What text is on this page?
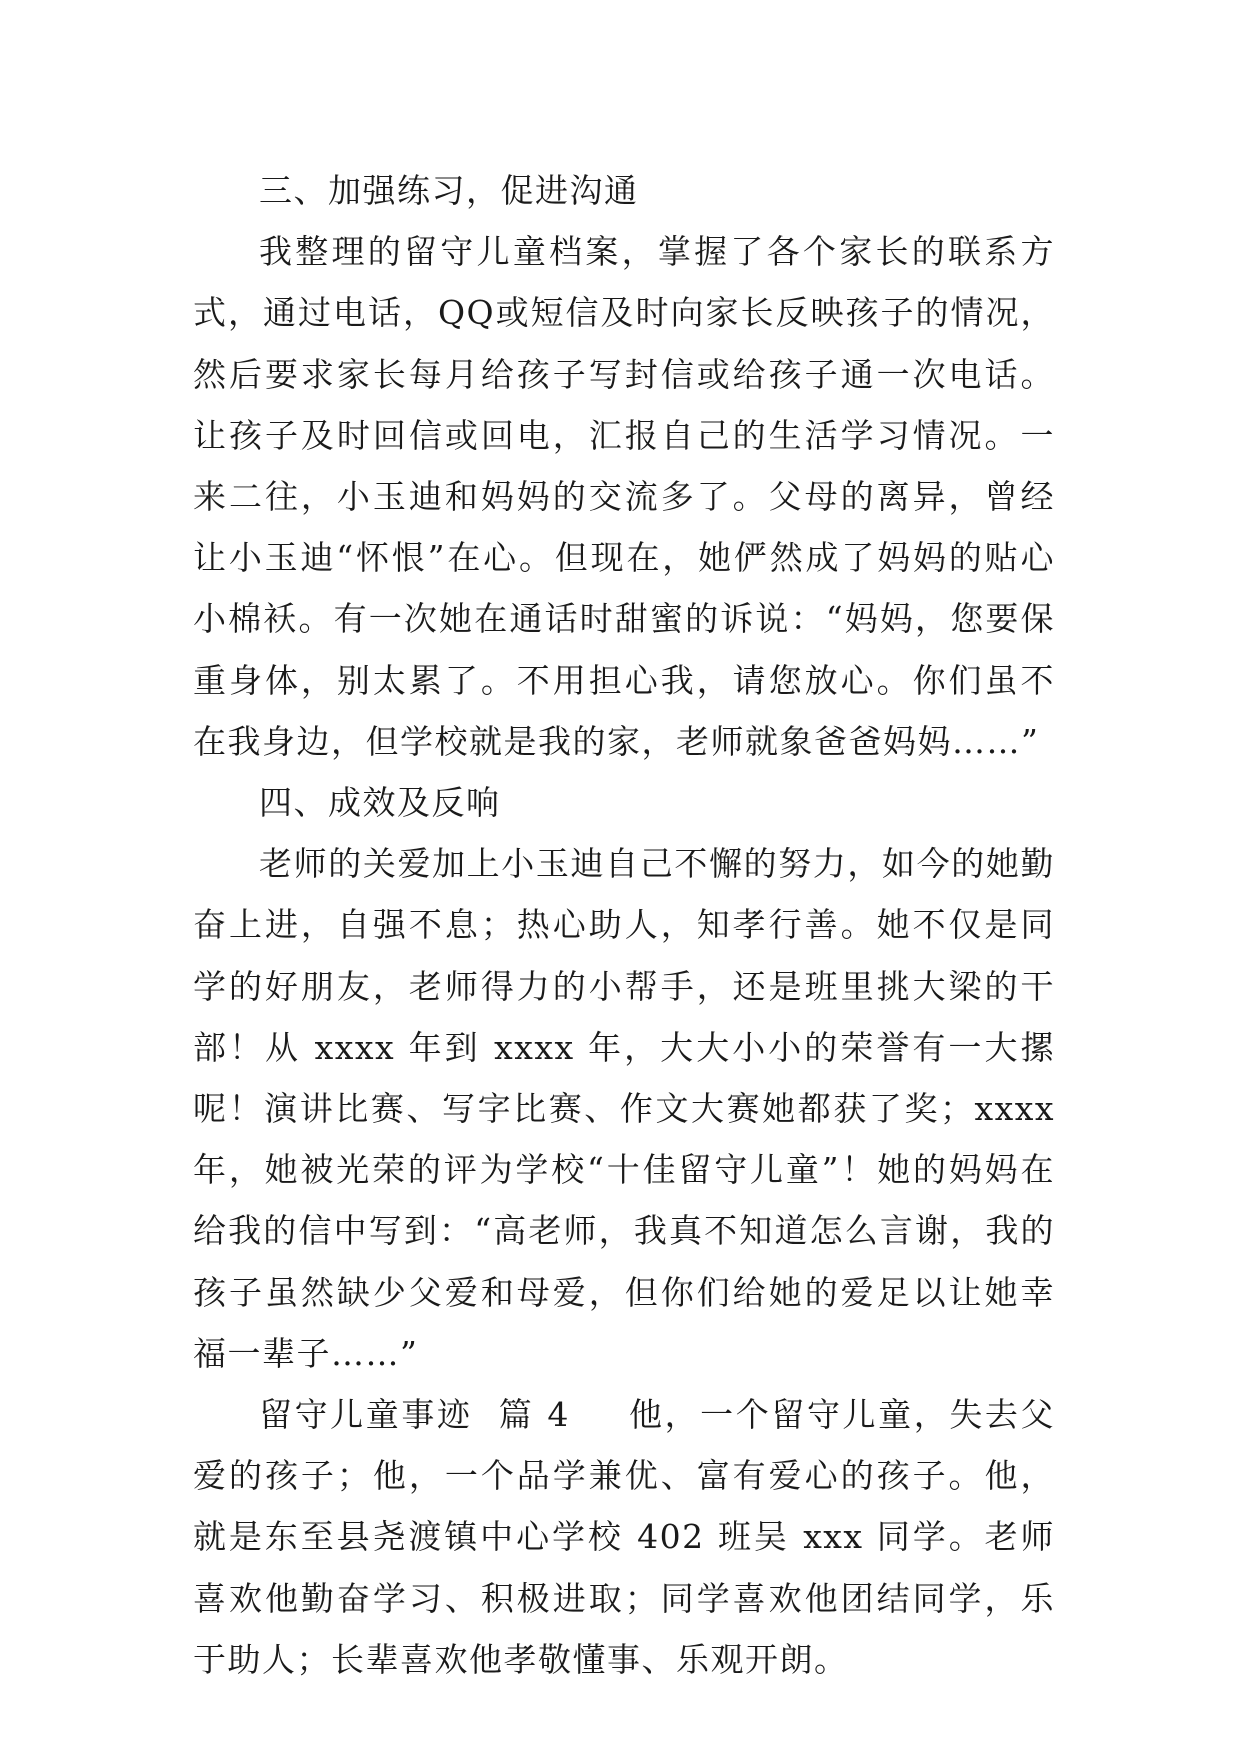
三、加强练习，促进沟通

我整理的留守儿童档案，掌握了各个家长的联系方式，通过电话，QQ或短信及时向家长反映孩子的情况，然后要求家长每月给孩子写封信或给孩子通一次电话。让孩子及时回信或回电，汇报自己的生活学习情况。一来二往，小玉迪和妈妈的交流多了。父母的离异，曾经让小玉迪“怀恨”在心。但现在，她俨然成了妈妈的贴心小棉袄。有一次她在通话时甜蜜的诉说：“妈妈，您要保重身体，别太累了。不用担心我，请您放心。你们虽不在我身边，但学校就是我的家，老师就象爸爸妈妈……”

四、成效及反响

老师的关爱加上小玉迪自己不懈的努力，如今的她勤奋上进，自强不息；热心助人，知孝行善。她不仅是同学的好朋友，老师得力的小帮手，还是班里挑大梁的干部！从 xxxx 年到 xxxx 年，大大小小的荣誉有一大摞呢！演讲比赛、写字比赛、作文大赛她都获了奖；xxxx 年，她被光荣的评为学校“十佳留守儿童”！她的妈妈在给我的信中写到：“高老师，我真不知道怎么言谢，我的孩子虽然缺少父爱和母爱，但你们给她的爱足以让她幸福一辈子……”

留守儿童事迹  篇 4 他，一个留守儿童，失去父爱的孩子；他，一个品学兼优、富有爱心的孩子。他，就是东至县尧渡镇中心学校 402 班吴 xxx 同学。老师喜欢他勤奋学习、积极进取；同学喜欢他团结同学，乐于助人；长辈喜欢他孝敬懂事、乐观开朗。
